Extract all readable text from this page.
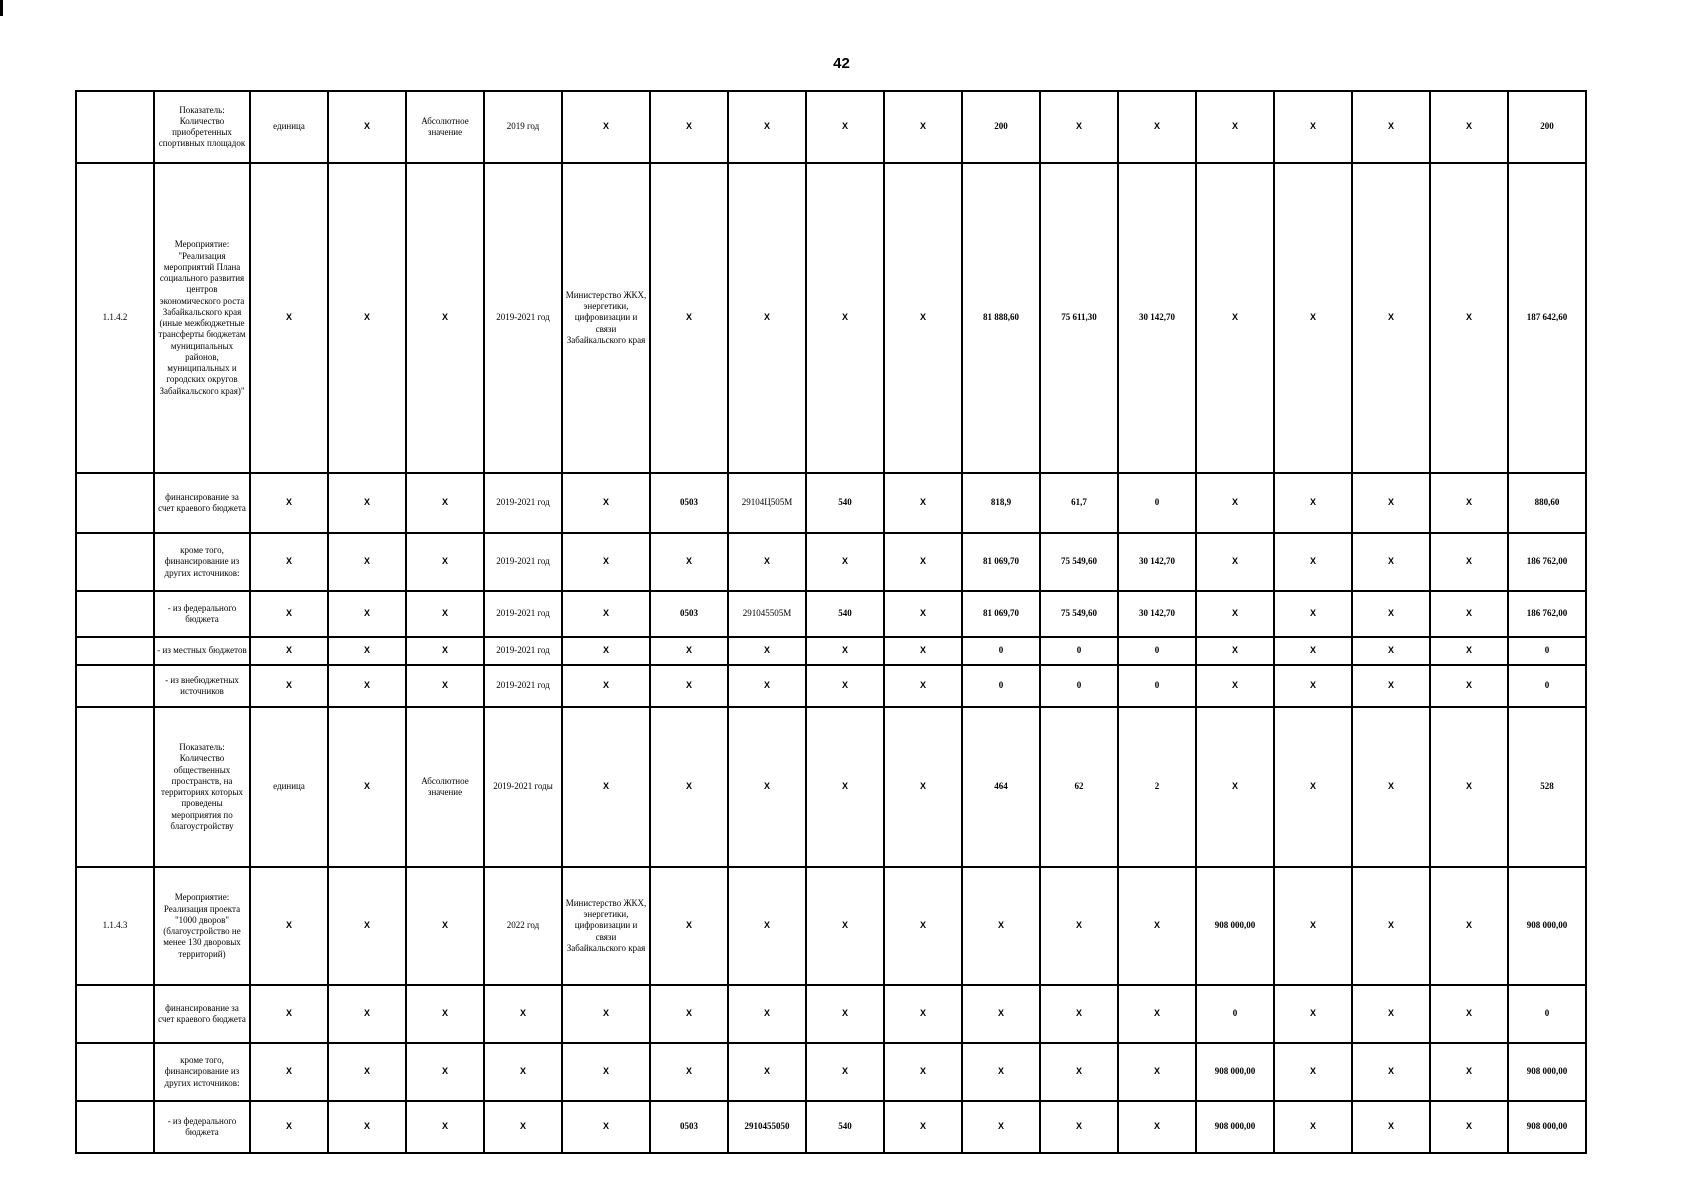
42
	Показатель: Количество приобретенных спортивных площадок	единица	X	Абсолютное значение	2019 год	X	X	X	X	X	200	X	X	X	X	X	X	200
1.1.4.2	Мероприятие: "Реализация мероприятий Плана социального развития центров экономического роста Забайкальского края (иные межбюджетные трансферты бюджетам муниципальных районов, муниципальных и городских округов Забайкальского края)"	X	X	X	2019-2021 год	Министерство ЖКХ, энергетики, цифровизации и связи Забайкальского края	X	X	X	X	81 888,60	75 611,30	30 142,70	X	X	X	X	187 642,60
	финансирование за счет краевого бюджета	X	X	X	2019-2021 год	X	0503	29104Ц505М	540	X	818,9	61,7	0	X	X	X	X	880,60
	кроме того, финансирование из других источников:	X	X	X	2019-2021 год	X	X	X	X	X	81 069,70	75 549,60	30 142,70	X	X	X	X	186 762,00
	- из федерального бюджета	X	X	X	2019-2021 год	X	0503	291045505М	540	X	81 069,70	75 549,60	30 142,70	X	X	X	X	186 762,00
	- из местных бюджетов	X	X	X	2019-2021 год	X	X	X	X	X	0	0	0	X	X	X	X	0
	- из внебюджетных источников	X	X	X	2019-2021 год	X	X	X	X	X	0	0	0	X	X	X	X	0
	Показатель: Количество общественных пространств, на территориях которых проведены мероприятия по благоустройству	единица	X	Абсолютное значение	2019-2021 годы	X	X	X	X	X	464	62	2	X	X	X	X	528
1.1.4.3	Мероприятие: Реализация проекта "1000 дворов" (благоустройство не менее 130 дворовых территорий)	X	X	X	2022 год	Министерство ЖКХ, энергетики, цифровизации и связи Забайкальского края	X	X	X	X	X	X	X	908 000,00	X	X	X	908 000,00
	финансирование за счет краевого бюджета	X	X	X	X	X	X	X	X	X	X	X	X	0	X	X	X	0
	кроме того, финансирование из других источников:	X	X	X	X	X	X	X	X	X	X	X	X	908 000,00	X	X	X	908 000,00
	- из федерального бюджета	X	X	X	X	X	0503	2910455050	540	X	X	X	X	908 000,00	X	X	X	908 000,00
